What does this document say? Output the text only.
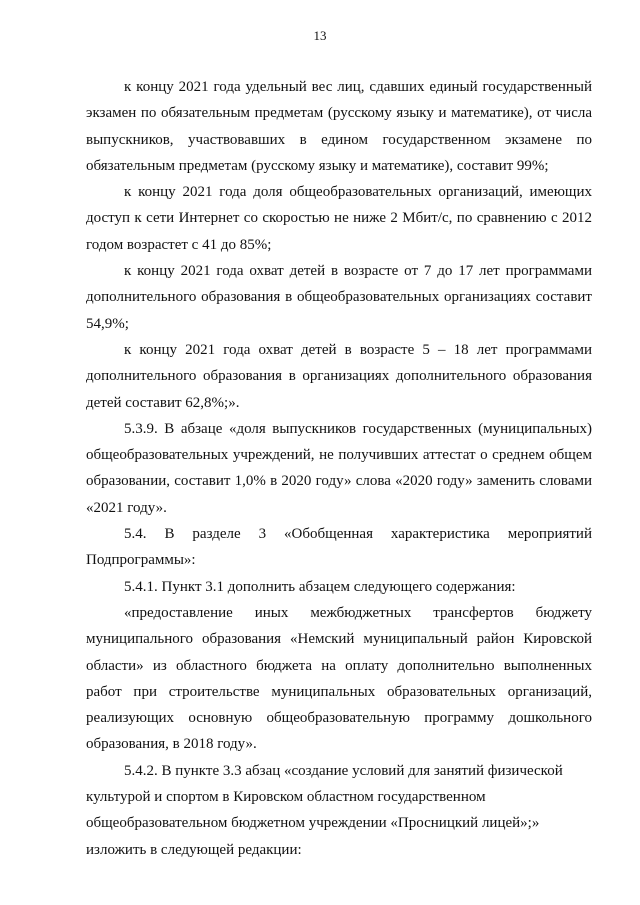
13

к концу 2021 года удельный вес лиц, сдавших единый государственный экзамен по обязательным предметам (русскому языку и математике), от числа выпускников, участвовавших в едином государственном экзамене по обязательным предметам (русскому языку и математике), составит 99%;

к концу 2021 года доля общеобразовательных организаций, имеющих доступ к сети Интернет со скоростью не ниже 2 Мбит/с, по сравнению с 2012 годом возрастет с 41 до 85%;

к концу 2021 года охват детей в возрасте от 7 до 17 лет программами дополнительного образования в общеобразовательных организациях составит 54,9%;

к концу 2021 года охват детей в возрасте 5 – 18 лет программами дополнительного образования в организациях дополнительного образования детей составит 62,8%;».

5.3.9. В абзаце «доля выпускников государственных (муниципальных) общеобразовательных учреждений, не получивших аттестат о среднем общем образовании, составит 1,0% в 2020 году» слова «2020 году» заменить словами «2021 году».

5.4. В разделе 3 «Обобщенная характеристика мероприятий Подпрограммы»:

5.4.1. Пункт 3.1 дополнить абзацем следующего содержания:

«предоставление иных межбюджетных трансфертов бюджету муниципального образования «Немский муниципальный район Кировской области» из областного бюджета на оплату дополнительно выполненных работ при строительстве муниципальных образовательных организаций, реализующих основную общеобразовательную программу дошкольного образования, в 2018 году».

5.4.2. В пункте 3.3 абзац «создание условий для занятий физической культурой и спортом в Кировском областном государственном общеобразовательном бюджетном учреждении «Просницкий лицей»;» изложить в следующей редакции:
